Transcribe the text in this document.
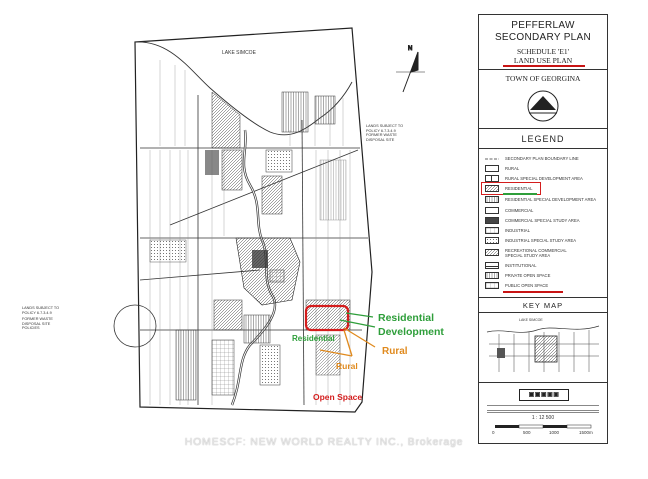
N
LAKE SIMCOE
LANDS SUBJECT TO
POLICY 6.7.3.4.9
FORMER WASTE
DISPOSAL SITE
LANDS SUBJECT TO
POLICY 6.7.3.4.9
FORMER WASTE
DISPOSAL SITE
POLICIES
Residential
Development
Residential
Rural
Rural
Open Space
PEFFERLAW
SECONDARY PLAN
SCHEDULE 'E1'
LAND USE PLAN
TOWN OF GEORGINA
LEGEND
SECONDARY PLAN BOUNDARY LINE
RURAL
RURAL SPECIAL DEVELOPMENT AREA
RESIDENTIAL
RESIDENTIAL SPECIAL DEVELOPMENT AREA
COMMERCIAL
COMMERCIAL SPECIAL STUDY AREA
INDUSTRIAL
INDUSTRIAL SPECIAL STUDY AREA
RECREATIONAL COMMERCIAL SPECIAL STUDY AREA
INSTITUTIONAL
PRIVATE OPEN SPACE
PUBLIC OPEN SPACE
KEY MAP
LAKE SIMCOE
▣▣▣▣▣
1 : 12 500
0	500	1000	1500m
HOMESCF: NEW WORLD REALTY INC., Brokerage
